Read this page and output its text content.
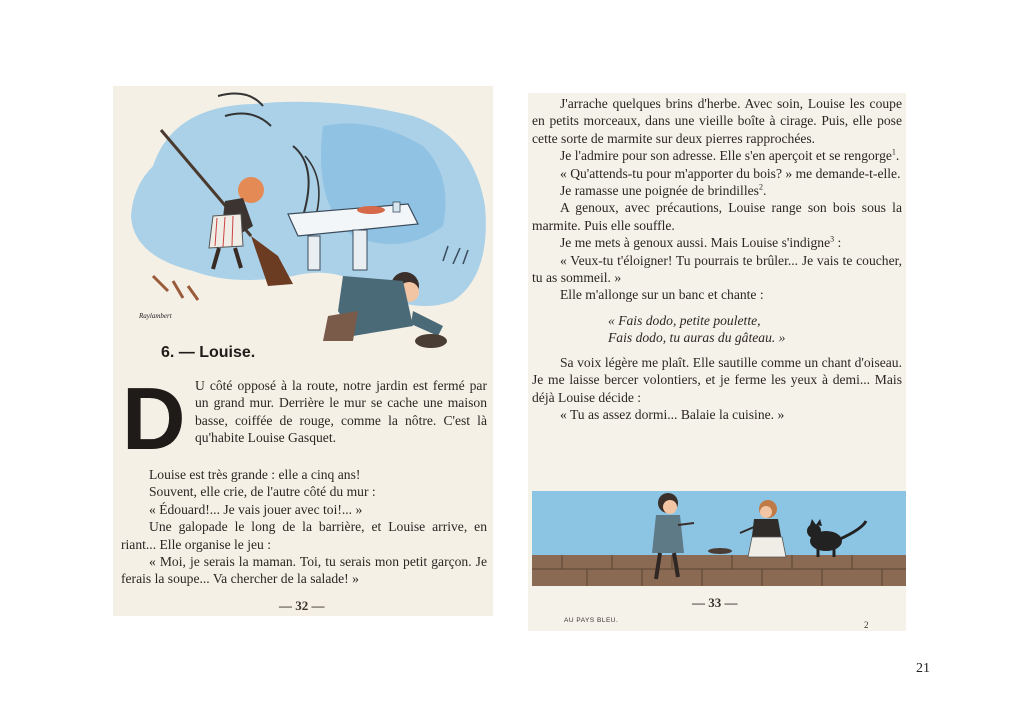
Raylambert
6. — Louise.
D U côté opposé à la route, notre jardin est fermé par un grand mur. Derrière le mur se cache une maison basse, coiffée de rouge, comme la nôtre. C'est là qu'habite Louise Gasquet.

Louise est très grande : elle a cinq ans!

Souvent, elle crie, de l'autre côté du mur :

« Édouard!... Je vais jouer avec toi!... »

Une galopade le long de la barrière, et Louise arrive, en riant... Elle organise le jeu :

« Moi, je serais la maman. Toi, tu serais mon petit garçon. Je ferais la soupe... Va chercher de la salade! »

— 32 —

J'arrache quelques brins d'herbe. Avec soin, Louise les coupe en petits morceaux, dans une vieille boîte à cirage. Puis, elle pose cette sorte de marmite sur deux pierres rapprochées.

Je l'admire pour son adresse. Elle s'en aperçoit et se rengorge$^1$.

« Qu'attends-tu pour m'apporter du bois? » me demande-t-elle.

Je ramasse une poignée de brindilles$^2$.

A genoux, avec précautions, Louise range son bois sous la marmite. Puis elle souffle.

Je me mets à genoux aussi. Mais Louise s'indigne$^3$ :

« Veux-tu t'éloigner! Tu pourrais te brûler... Je vais te coucher, tu as sommeil. »

Elle m'allonge sur un banc et chante :

« Fais dodo, petite poulette,
Fais dodo, tu auras du gâteau. »

Sa voix légère me plaît. Elle sautille comme un chant d'oiseau. Je me laisse bercer volontiers, et je ferme les yeux à demi... Mais déjà Louise décide :

« Tu as assez dormi... Balaie la cuisine. »

— 33 —
AU PAYS BLEU.	2
21
